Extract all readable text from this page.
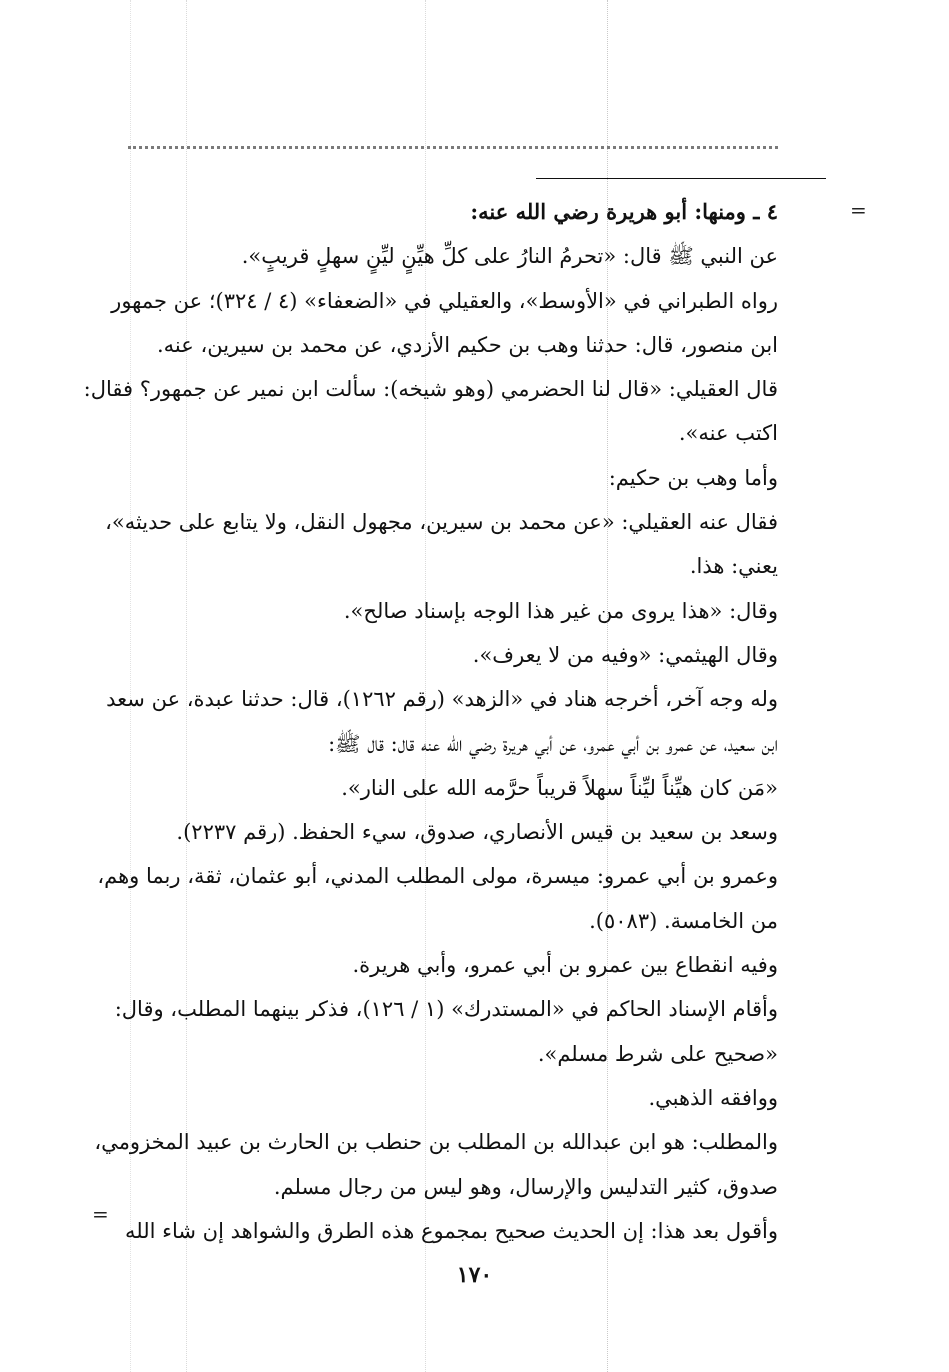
=
=
٤ ـ ومنها: أبو هريرة رضي الله عنه:
عن النبي ﷺ قال: «تحرمُ النارُ على كلِّ هيِّنٍ ليِّنٍ سهلٍ قريبٍ».
رواه الطبراني في «الأوسط»، والعقيلي في «الضعفاء» (٤ / ٣٢٤)؛ عن جمهور
ابن منصور، قال: حدثنا وهب بن حكيم الأزدي، عن محمد بن سيرين، عنه.
قال العقيلي: «قال لنا الحضرمي (وهو شيخه): سألت ابن نمير عن جمهور؟ فقال:
اكتب عنه».
وأما وهب بن حكيم:
فقال عنه العقيلي: «عن محمد بن سيرين، مجهول النقل، ولا يتابع على حديثه»،
يعني: هذا.
وقال: «هذا يروى من غير هذا الوجه بإسناد صالح».
وقال الهيثمي: «وفيه من لا يعرف».
وله وجه آخر، أخرجه هناد في «الزهد» (رقم ١٢٦٢)، قال: حدثنا عبدة، عن سعد
ابن سعيد، عن عمرو بن أبي عمرو، عن أبي هريرة رضي الله عنه قال: قال ﷺ:
«مَن كان هيِّناً ليِّناً سهلاً قريباً حرَّمه الله على النار».
وسعد بن سعيد بن قيس الأنصاري، صدوق، سيء الحفظ. (رقم ٢٢٣٧).
وعمرو بن أبي عمرو: ميسرة، مولى المطلب المدني، أبو عثمان، ثقة، ربما وهم،
من الخامسة. (٥٠٨٣).
وفيه انقطاع بين عمرو بن أبي عمرو، وأبي هريرة.
وأقام الإسناد الحاكم في «المستدرك» (١ / ١٢٦)، فذكر بينهما المطلب، وقال:
«صحيح على شرط مسلم».
ووافقه الذهبي.
والمطلب: هو ابن عبدالله بن المطلب بن حنطب بن الحارث بن عبيد المخزومي،
صدوق، كثير التدليس والإرسال، وهو ليس من رجال مسلم.
وأقول بعد هذا: إن الحديث صحيح بمجموع هذه الطرق والشواهد إن شاء الله
١٧٠
